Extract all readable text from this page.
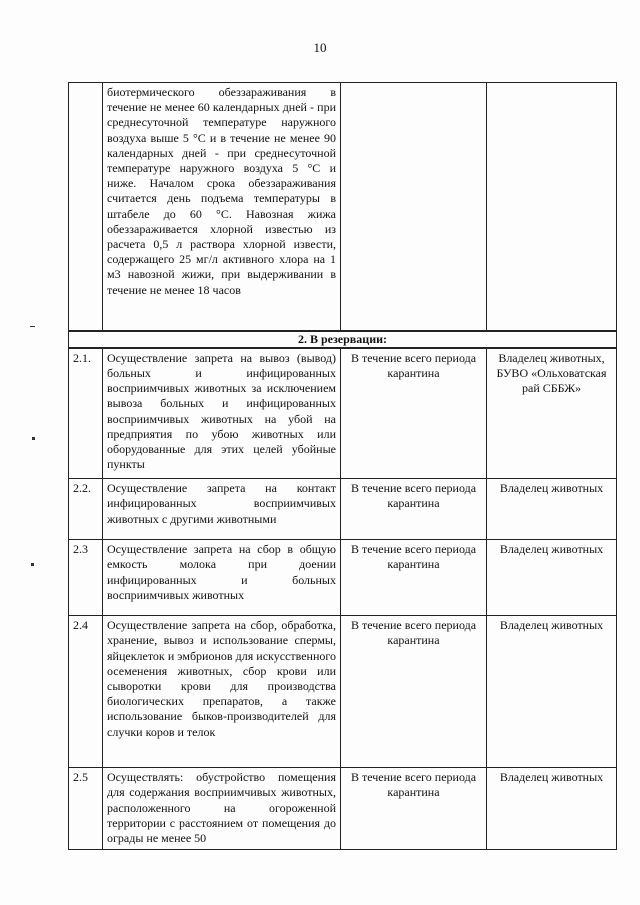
10
	биотермического обеззараживания в течение не менее 60 календарных дней - при среднесуточной температуре наружного воздуха выше 5 °С и в течение не менее 90 календарных дней - при среднесуточной температуре наружного воздуха 5 °С и ниже. Началом срока обеззараживания считается день подъема температуры в штабеле до 60 °С. Навозная жижа обеззараживается хлорной известью из расчета 0,5 л раствора хлорной извести, содержащего 25 мг/л активного хлора на 1 м3 навозной жижи, при выдерживании в течение не менее 18 часов		
2. В резервации:			
2.1.	Осуществление запрета на вывоз (вывод) больных и инфицированных восприимчивых животных за исключением вывоза больных и инфицированных восприимчивых животных на убой на предприятия по убою животных или оборудованные для этих целей убойные пункты	В течение всего периода карантина	Владелец животных, БУВО «Ольховатская рай СББЖ»
2.2.	Осуществление запрета на контакт инфицированных восприимчивых животных с другими животными	В течение всего периода карантина	Владелец животных
2.3	Осуществление запрета на сбор в общую емкость молока при доении инфицированных и больных восприимчивых животных	В течение всего периода карантина	Владелец животных
2.4	Осуществление запрета на сбор, обработка, хранение, вывоз и использование спермы, яйцеклеток и эмбрионов для искусственного осеменения животных, сбор крови или сыворотки крови для производства биологических препаратов, а также использование быков-производителей для случки коров и телок	В течение всего периода карантина	Владелец животных
2.5	Осуществлять: обустройство помещения для содержания восприимчивых животных, расположенного на огороженной территории с расстоянием от помещения до ограды не менее 50	В течение всего периода карантина	Владелец животных
